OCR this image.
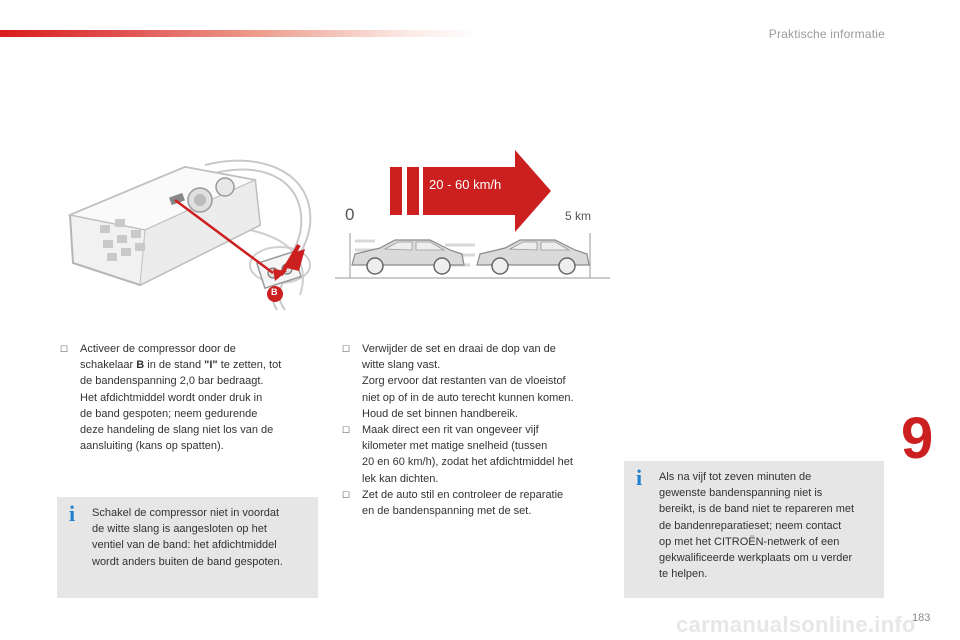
Praktische informatie
B
20 - 60 km/h
0	5 km
☐ Activeer de compressor door de
schakelaar B in de stand "I" te zetten, tot
de bandenspanning 2,0 bar bedraagt.
Het afdichtmiddel wordt onder druk in
de band gespoten; neem gedurende
deze handeling de slang niet los van de
aansluiting (kans op spatten).
☐ Verwijder de set en draai de dop van de
witte slang vast.
Zorg ervoor dat restanten van de vloeistof
niet op of in de auto terecht kunnen komen.
Houd de set binnen handbereik.
☐ Maak direct een rit van ongeveer vijf
kilometer met matige snelheid (tussen
20 en 60 km/h), zodat het afdichtmiddel het
lek kan dichten.
☐ Zet de auto stil en controleer de reparatie
en de bandenspanning met de set.
i Schakel de compressor niet in voordat
de witte slang is aangesloten op het
ventiel van de band: het afdichtmiddel
wordt anders buiten de band gespoten.
i Als na vijf tot zeven minuten de
gewenste bandenspanning niet is
bereikt, is de band niet te repareren met
de bandenreparatieset; neem contact
op met het CITROËN-netwerk of een
gekwalificeerde werkplaats om u verder
te helpen.
9
carmanualsonline.info
183
